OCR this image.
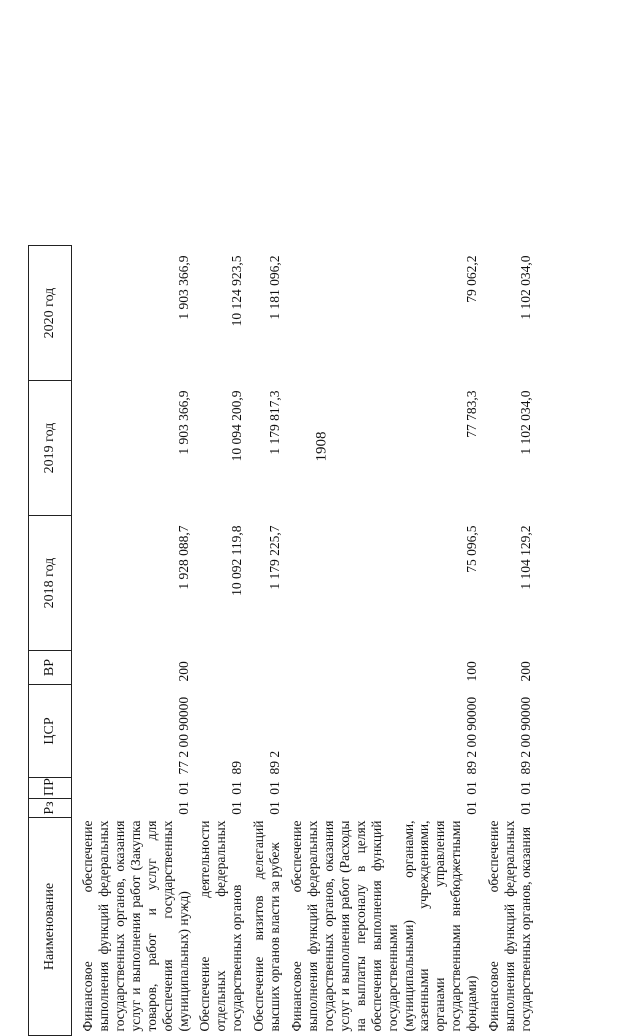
1908
Наименование	Рз	ПР	ЦСР	ВР	2018 год	2019 год	2020 год

Финансовое обеспечение выполнения функций федеральных государственных органов, оказания услуг и выполнения работ (Закупка товаров, работ и услуг для обеспечения государственных (муниципальных) нужд)	01	01	77 2 00 90000	200	1 928 088,7	1 903 366,9	1 903 366,9
Обеспечение деятельности отдельных федеральных государственных органов	01	01	89		10 092 119,8	10 094 200,9	10 124 923,5
Обеспечение визитов делегаций высших органов власти за рубеж	01	01	89 2		1 179 225,7	1 179 817,3	1 181 096,2
Финансовое обеспечение выполнения функций федеральных государственных органов, оказания услуг и выполнения работ (Расходы на выплаты персоналу в целях обеспечения выполнения функций государственными (муниципальными) органами, казенными учреждениями, органами управления государственными внебюджетными фондами)	01	01	89 2 00 90000	100	75 096,5	77 783,3	79 062,2
Финансовое обеспечение выполнения функций федеральных государственных органов, оказания	01	01	89 2 00 90000	200	1 104 129,2	1 102 034,0	1 102 034,0
